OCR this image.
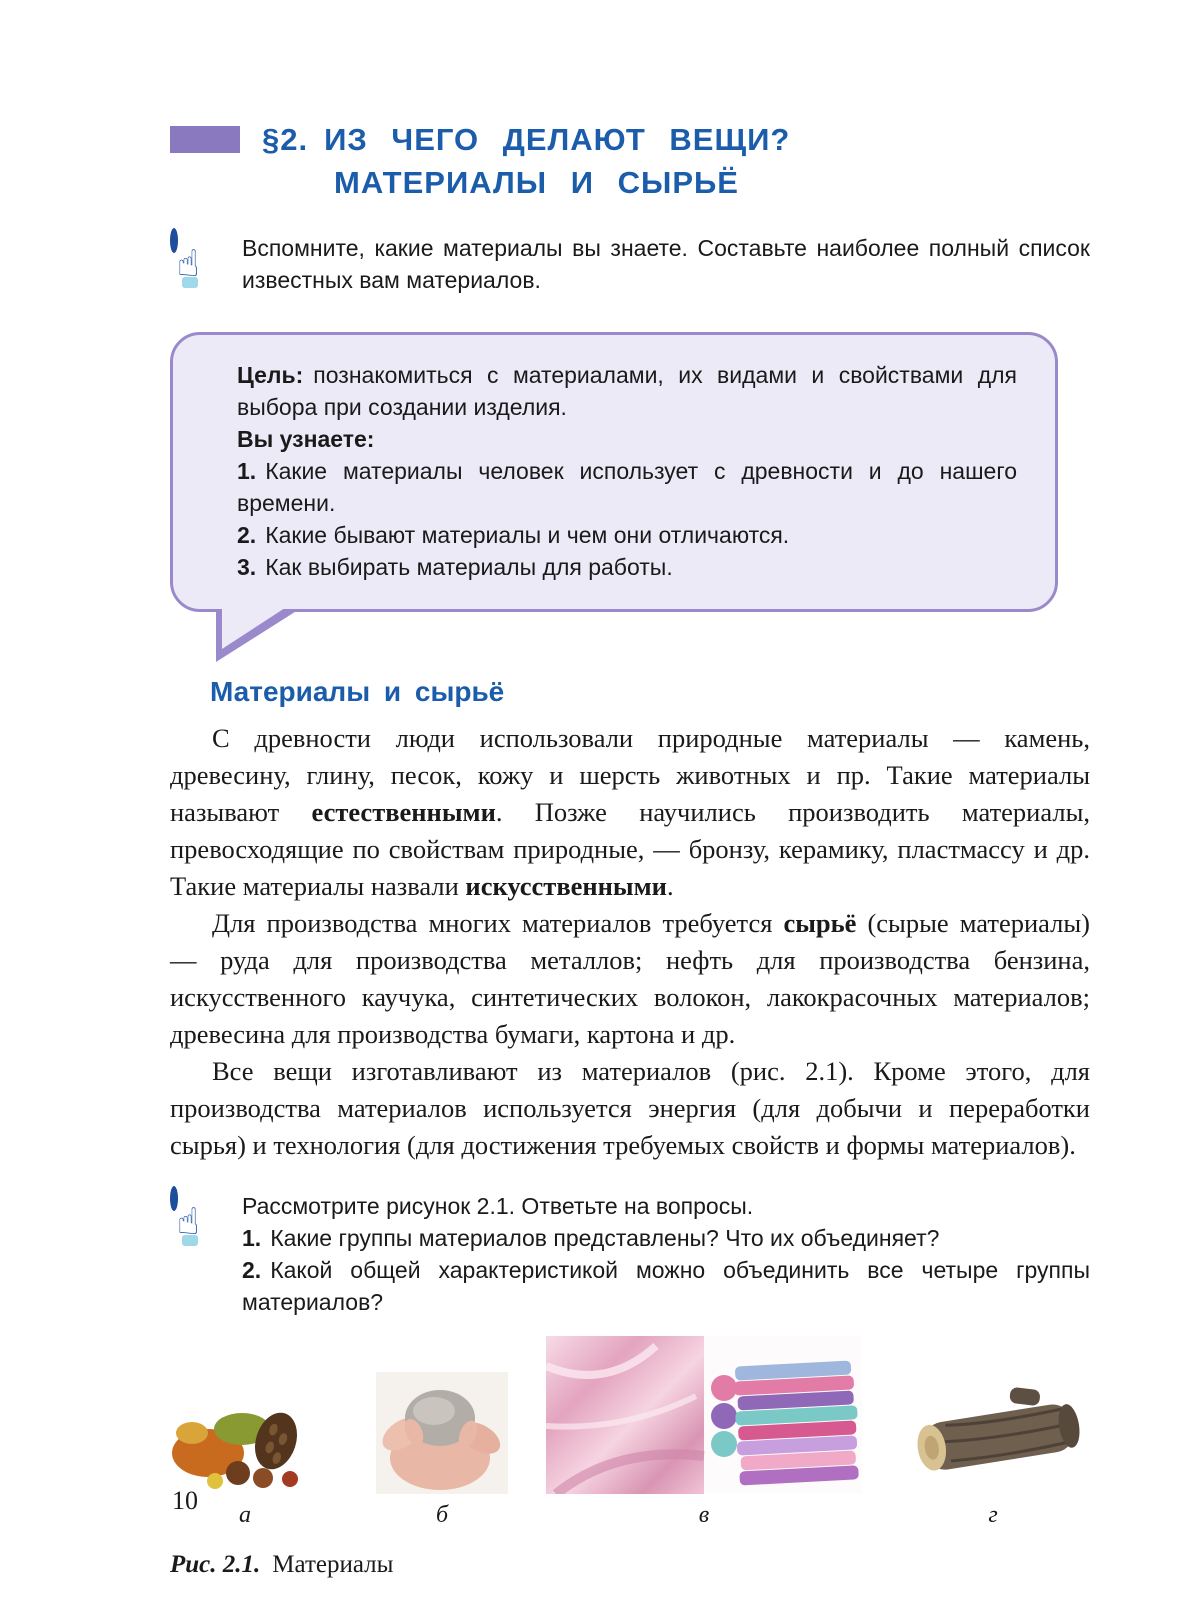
§2. ИЗ ЧЕГО ДЕЛАЮТ ВЕЩИ?
МАТЕРИАЛЫ И СЫРЬЁ
☝ Вспомните, какие материалы вы знаете. Составьте наиболее полный список известных вам материалов.

Цель: познакомиться с материалами, их видами и свойствами для выбора при создании изделия.

Вы узнаете:

1. Какие материалы человек использует с древности и до нашего времени.

2. Какие бывают материалы и чем они отличаются.

3. Как выбирать материалы для работы.

Материалы и сырьё

С древности люди использовали природные материалы — камень, древесину, глину, песок, кожу и шерсть животных и пр. Такие материалы называют естественными. Позже научились производить материалы, превосходящие по свойствам природные, — бронзу, керамику, пластмассу и др. Такие материалы назвали искусственными.

Для производства многих материалов требуется сырьё (сырые материалы) — руда для производства металлов; нефть для производства бензина, искусственного каучука, синтетических волокон, лакокрасочных материалов; древесина для производства бумаги, картона и др.

Все вещи изготавливают из материалов (рис. 2.1). Кроме этого, для производства материалов используется энергия (для добычи и переработки сырья) и технология (для достижения требуемых свойств и формы материалов).

☝ Рассмотрите рисунок 2.1. Ответьте на вопросы.

1. Какие группы материалов представлены? Что их объединяет?

2. Какой общей характеристикой можно объединить все четыре группы материалов?

а	б	в	г

Рис. 2.1. Материалы

10
